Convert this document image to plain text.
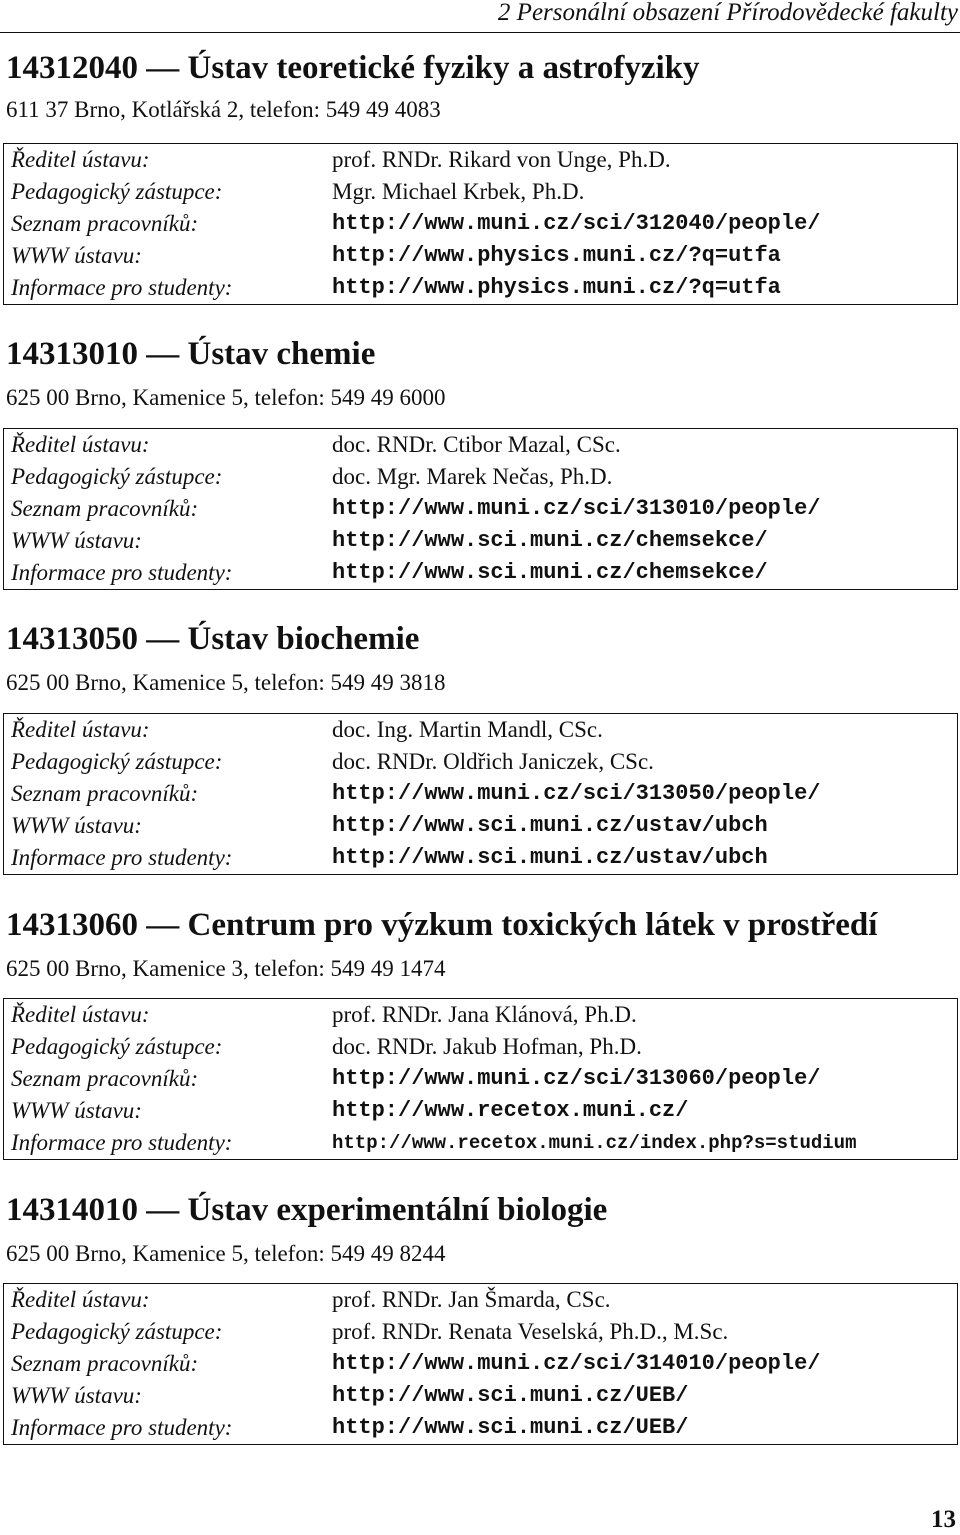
2 Personální obsazení Přírodovědecké fakulty
14312040 — Ústav teoretické fyziky a astrofyziky
611 37 Brno, Kotlářská 2, telefon: 549 49 4083
Ředitel ústavu:	prof. RNDr. Rikard von Unge, Ph.D.
Pedagogický zástupce:	Mgr. Michael Krbek, Ph.D.
Seznam pracovníků:	http://www.muni.cz/sci/312040/people/
WWW ústavu:	http://www.physics.muni.cz/?q=utfa
Informace pro studenty:	http://www.physics.muni.cz/?q=utfa
14313010 — Ústav chemie
625 00 Brno, Kamenice 5, telefon: 549 49 6000
Ředitel ústavu:	doc. RNDr. Ctibor Mazal, CSc.
Pedagogický zástupce:	doc. Mgr. Marek Nečas, Ph.D.
Seznam pracovníků:	http://www.muni.cz/sci/313010/people/
WWW ústavu:	http://www.sci.muni.cz/chemsekce/
Informace pro studenty:	http://www.sci.muni.cz/chemsekce/
14313050 — Ústav biochemie
625 00 Brno, Kamenice 5, telefon: 549 49 3818
Ředitel ústavu:	doc. Ing. Martin Mandl, CSc.
Pedagogický zástupce:	doc. RNDr. Oldřich Janiczek, CSc.
Seznam pracovníků:	http://www.muni.cz/sci/313050/people/
WWW ústavu:	http://www.sci.muni.cz/ustav/ubch
Informace pro studenty:	http://www.sci.muni.cz/ustav/ubch
14313060 — Centrum pro výzkum toxických látek v prostředí
625 00 Brno, Kamenice 3, telefon: 549 49 1474
Ředitel ústavu:	prof. RNDr. Jana Klánová, Ph.D.
Pedagogický zástupce:	doc. RNDr. Jakub Hofman, Ph.D.
Seznam pracovníků:	http://www.muni.cz/sci/313060/people/
WWW ústavu:	http://www.recetox.muni.cz/
Informace pro studenty:	http://www.recetox.muni.cz/index.php?s=studium
14314010 — Ústav experimentální biologie
625 00 Brno, Kamenice 5, telefon: 549 49 8244
Ředitel ústavu:	prof. RNDr. Jan Šmarda, CSc.
Pedagogický zástupce:	prof. RNDr. Renata Veselská, Ph.D., M.Sc.
Seznam pracovníků:	http://www.muni.cz/sci/314010/people/
WWW ústavu:	http://www.sci.muni.cz/UEB/
Informace pro studenty:	http://www.sci.muni.cz/UEB/
13
